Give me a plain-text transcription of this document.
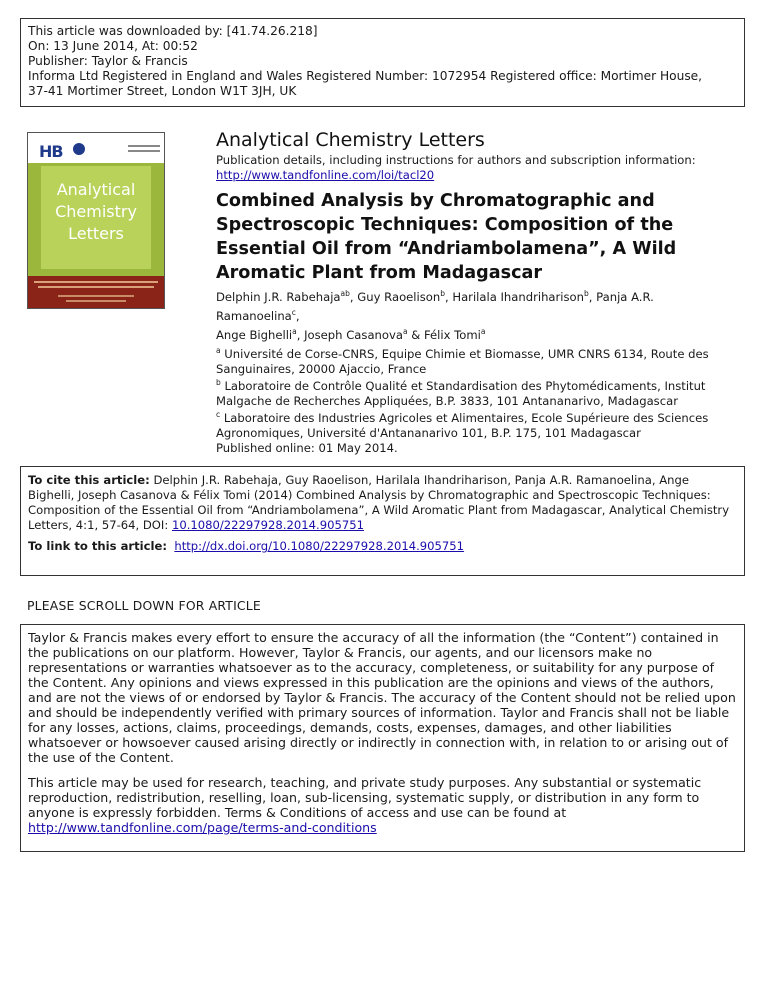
This article was downloaded by: [41.74.26.218]
On: 13 June 2014, At: 00:52
Publisher: Taylor & Francis
Informa Ltd Registered in England and Wales Registered Number: 1072954 Registered office: Mortimer House,
37-41 Mortimer Street, London W1T 3JH, UK
HB
Analytical
Chemistry
Letters
Analytical Chemistry Letters
Publication details, including instructions for authors and subscription information:
http://www.tandfonline.com/loi/tacl20
Combined Analysis by Chromatographic and Spectroscopic Techniques: Composition of the Essential Oil from “Andriambolamena”, A Wild Aromatic Plant from Madagascar
Delphin J.R. Rabehaja$^{ab}$, Guy Raoelison$^b$, Harilala Ihandriharison$^b$, Panja A.R. Ramanoelina$^c$,
Ange Bighelli$^a$, Joseph Casanova$^a$ & Félix Tomi$^a$
$^a$ Université de Corse-CNRS, Equipe Chimie et Biomasse, UMR CNRS 6134, Route des Sanguinaires, 20000 Ajaccio, France
$^b$ Laboratoire de Contrôle Qualité et Standardisation des Phytomédicaments, Institut Malgache de Recherches Appliquées, B.P. 3833, 101 Antananarivo, Madagascar
$^c$ Laboratoire des Industries Agricoles et Alimentaires, Ecole Supérieure des Sciences Agronomiques, Université d'Antananarivo 101, B.P. 175, 101 Madagascar
Published online: 01 May 2014.
To cite this article: Delphin J.R. Rabehaja, Guy Raoelison, Harilala Ihandriharison, Panja A.R. Ramanoelina, Ange Bighelli, Joseph Casanova & Félix Tomi (2014) Combined Analysis by Chromatographic and Spectroscopic Techniques: Composition of the Essential Oil from “Andriambolamena”, A Wild Aromatic Plant from Madagascar, Analytical Chemistry Letters, 4:1, 57-64, DOI: 10.1080/22297928.2014.905751
To link to this article: http://dx.doi.org/10.1080/22297928.2014.905751
PLEASE SCROLL DOWN FOR ARTICLE

Taylor & Francis makes every effort to ensure the accuracy of all the information (the “Content”) contained in the publications on our platform. However, Taylor & Francis, our agents, and our licensors make no representations or warranties whatsoever as to the accuracy, completeness, or suitability for any purpose of the Content. Any opinions and views expressed in this publication are the opinions and views of the authors, and are not the views of or endorsed by Taylor & Francis. The accuracy of the Content should not be relied upon and should be independently verified with primary sources of information. Taylor and Francis shall not be liable for any losses, actions, claims, proceedings, demands, costs, expenses, damages, and other liabilities whatsoever or howsoever caused arising directly or indirectly in connection with, in relation to or arising out of the use of the Content.

This article may be used for research, teaching, and private study purposes. Any substantial or systematic reproduction, redistribution, reselling, loan, sub-licensing, systematic supply, or distribution in any form to anyone is expressly forbidden. Terms & Conditions of access and use can be found at http://www.tandfonline.com/page/terms-and-conditions
